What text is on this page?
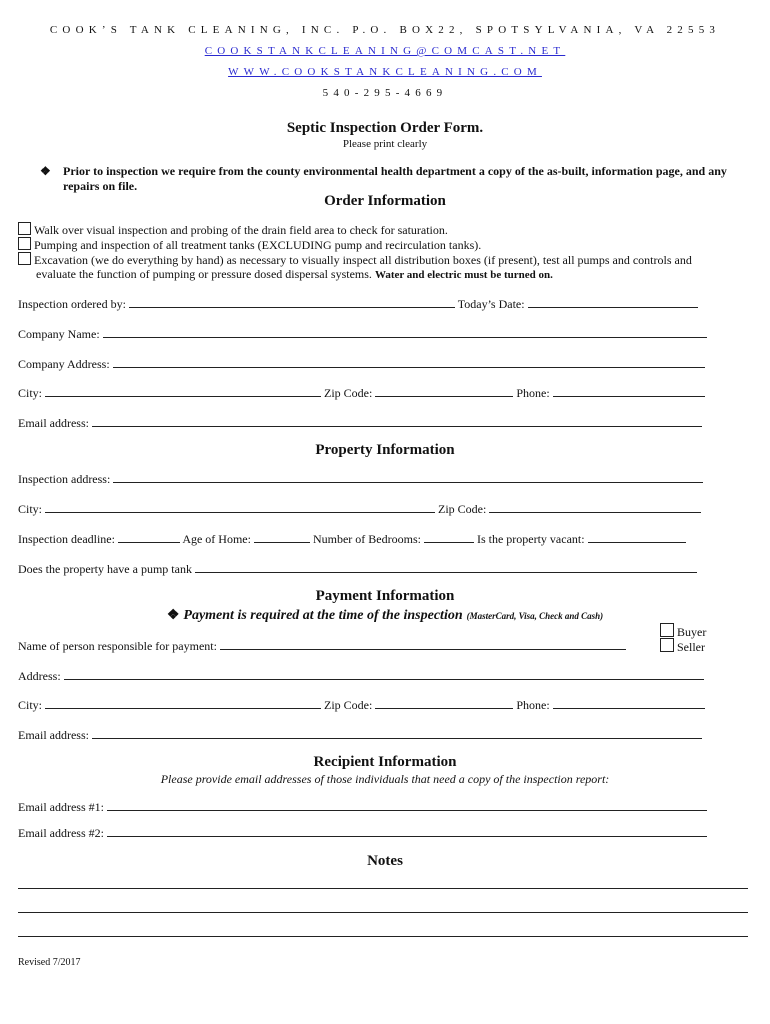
COOK’S TANK CLEANING, INC. P.O. BOX22, SPOTSYLVANIA, VA 22553
COOKSTANKCLEANING@COMCAST.NET
WWW.COOKSTANKCLEANING.COM
540-295-4669
Septic Inspection Order Form.
Please print clearly
❖ Prior to inspection we require from the county environmental health department a copy of the as-built, information page, and any repairs on file.
Order Information
Walk over visual inspection and probing of the drain field area to check for saturation.
Pumping and inspection of all treatment tanks (EXCLUDING pump and recirculation tanks).
Excavation (we do everything by hand) as necessary to visually inspect all distribution boxes (if present), test all pumps and controls and
evaluate the function of pumping or pressure dosed dispersal systems. Water and electric must be turned on.
Inspection ordered by:	Today’s Date:
Company Name:
Company Address:
City:	Zip Code:	Phone:
Email address:
Property Information
Inspection address:
City:	Zip Code:
Inspection deadline:	Age of Home:	Number of Bedrooms:	Is the property vacant:
Does the property have a pump tank
Payment Information
❖ Payment is required at the time of the inspection (MasterCard, Visa, Check and Cash)
Buyer
Seller
Name of person responsible for payment:
Address:
City:	Zip Code:	Phone:
Email address:
Recipient Information
Please provide email addresses of those individuals that need a copy of the inspection report:
Email address #1:
Email address #2:
Notes
Revised 7/2017
